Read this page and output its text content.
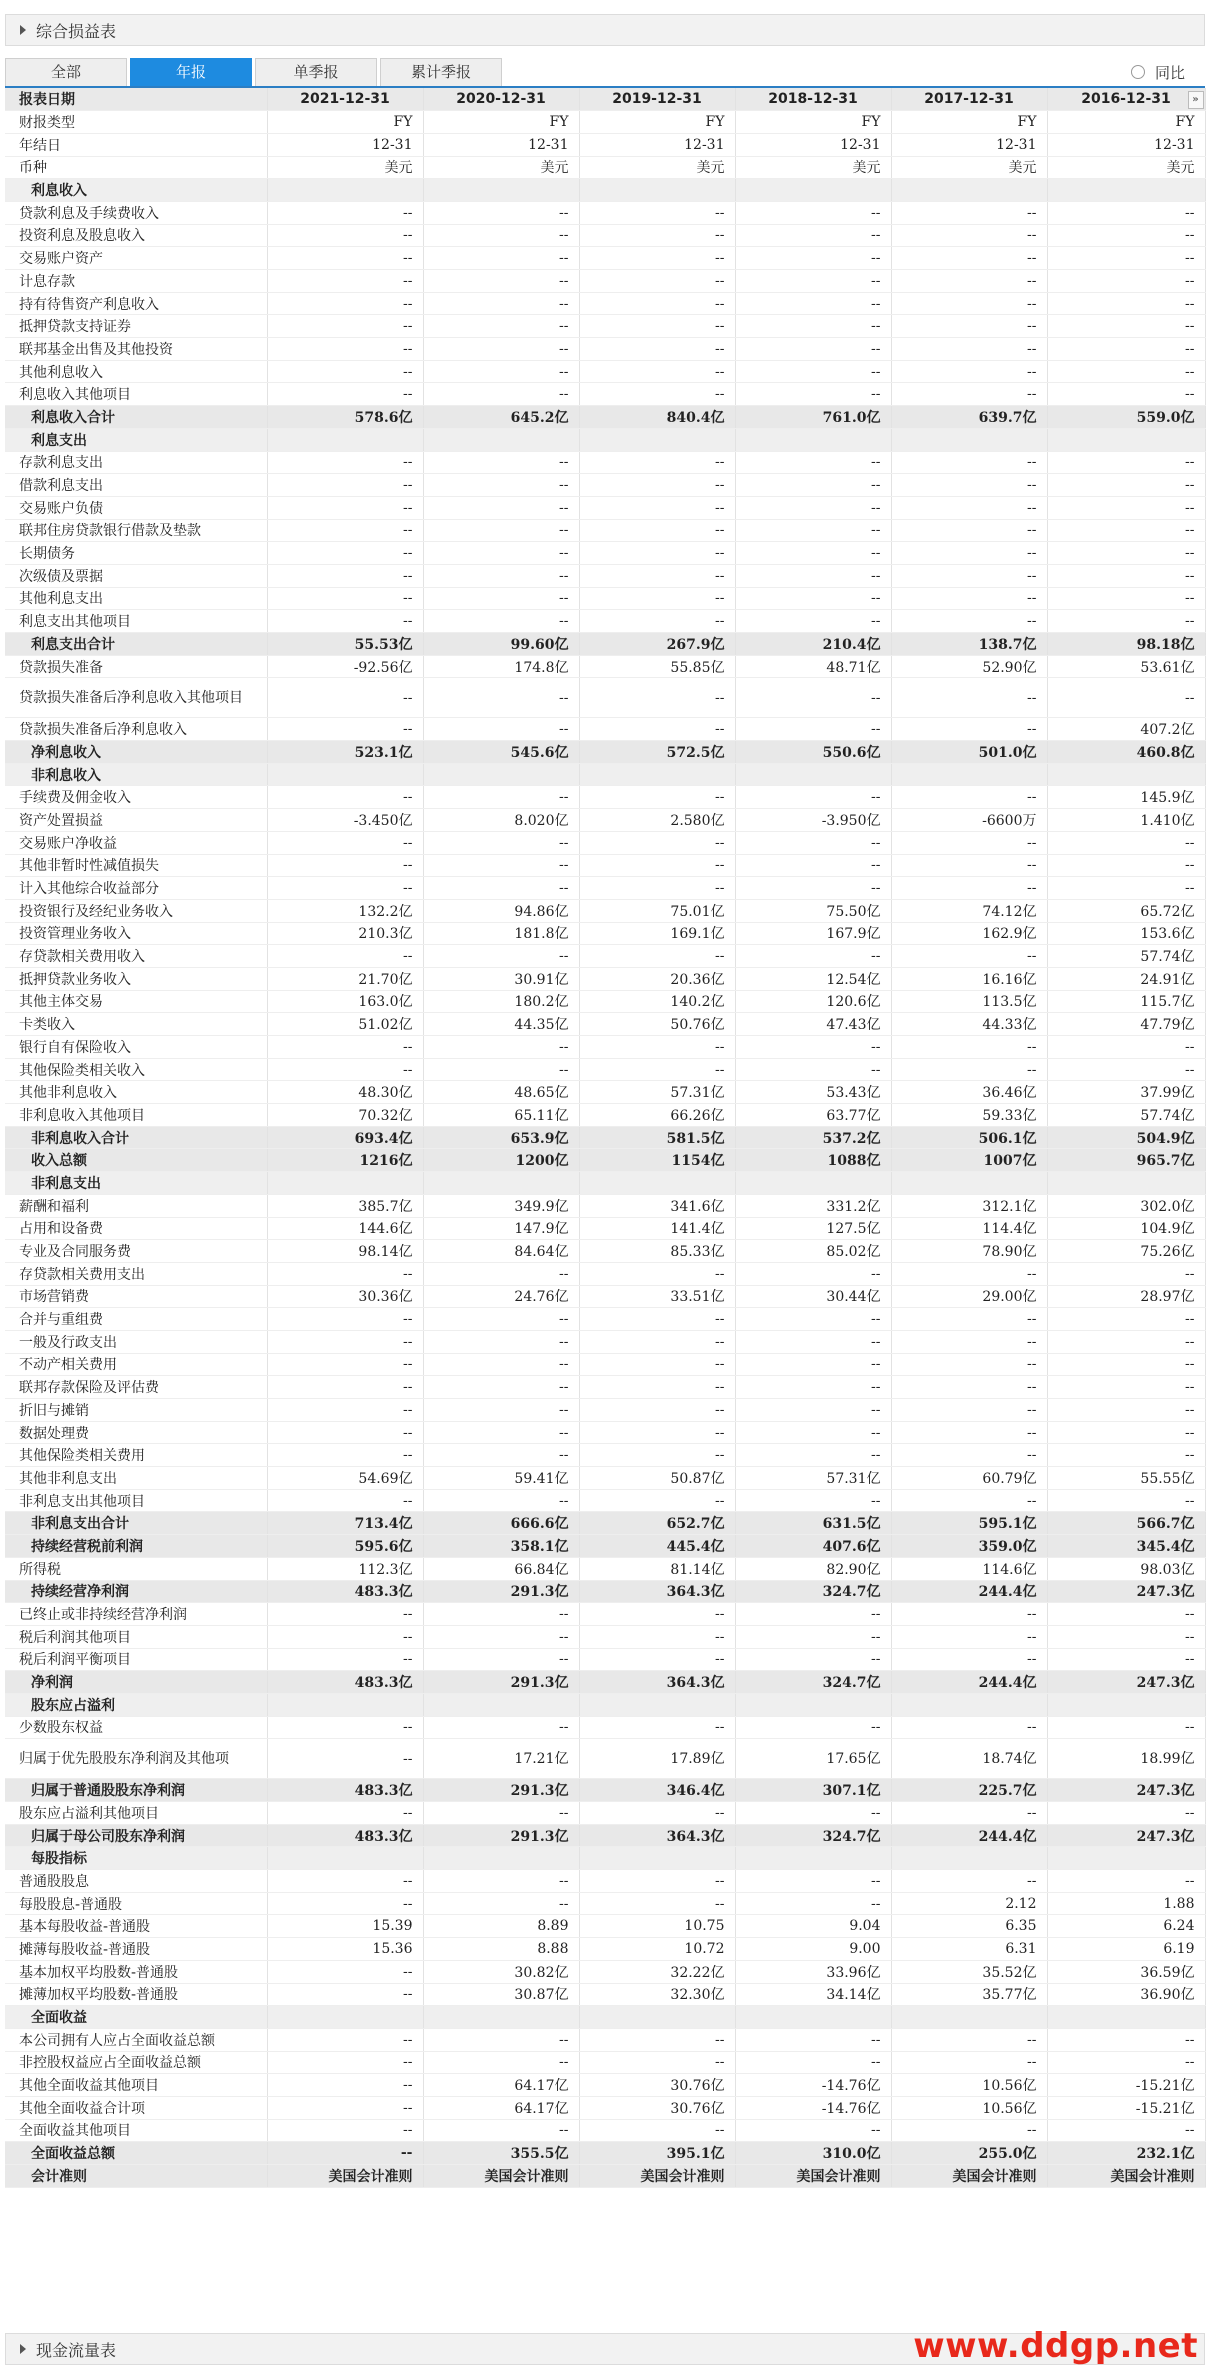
综合损益表
全部	年报	单季报	累计季报	同比
报表日期	2021-12-31	2020-12-31	2019-12-31	2018-12-31	2017-12-31	2016-12-31 »

财报类型	FY	FY	FY	FY	FY	FY
年结日	12-31	12-31	12-31	12-31	12-31	12-31
币种	美元	美元	美元	美元	美元	美元
利息收入						
贷款利息及手续费收入	--	--	--	--	--	--
投资利息及股息收入	--	--	--	--	--	--
交易账户资产	--	--	--	--	--	--
计息存款	--	--	--	--	--	--
持有待售资产利息收入	--	--	--	--	--	--
抵押贷款支持证券	--	--	--	--	--	--
联邦基金出售及其他投资	--	--	--	--	--	--
其他利息收入	--	--	--	--	--	--
利息收入其他项目	--	--	--	--	--	--
利息收入合计	578.6亿	645.2亿	840.4亿	761.0亿	639.7亿	559.0亿
利息支出						
存款利息支出	--	--	--	--	--	--
借款利息支出	--	--	--	--	--	--
交易账户负债	--	--	--	--	--	--
联邦住房贷款银行借款及垫款	--	--	--	--	--	--
长期债务	--	--	--	--	--	--
次级债及票据	--	--	--	--	--	--
其他利息支出	--	--	--	--	--	--
利息支出其他项目	--	--	--	--	--	--
利息支出合计	55.53亿	99.60亿	267.9亿	210.4亿	138.7亿	98.18亿
贷款损失准备	-92.56亿	174.8亿	55.85亿	48.71亿	52.90亿	53.61亿
贷款损失准备后净利息收入其他项目	--	--	--	--	--	--
贷款损失准备后净利息收入	--	--	--	--	--	407.2亿
净利息收入	523.1亿	545.6亿	572.5亿	550.6亿	501.0亿	460.8亿
非利息收入						
手续费及佣金收入	--	--	--	--	--	145.9亿
资产处置损益	-3.450亿	8.020亿	2.580亿	-3.950亿	-6600万	1.410亿
交易账户净收益	--	--	--	--	--	--
其他非暂时性减值损失	--	--	--	--	--	--
计入其他综合收益部分	--	--	--	--	--	--
投资银行及经纪业务收入	132.2亿	94.86亿	75.01亿	75.50亿	74.12亿	65.72亿
投资管理业务收入	210.3亿	181.8亿	169.1亿	167.9亿	162.9亿	153.6亿
存贷款相关费用收入	--	--	--	--	--	57.74亿
抵押贷款业务收入	21.70亿	30.91亿	20.36亿	12.54亿	16.16亿	24.91亿
其他主体交易	163.0亿	180.2亿	140.2亿	120.6亿	113.5亿	115.7亿
卡类收入	51.02亿	44.35亿	50.76亿	47.43亿	44.33亿	47.79亿
银行自有保险收入	--	--	--	--	--	--
其他保险类相关收入	--	--	--	--	--	--
其他非利息收入	48.30亿	48.65亿	57.31亿	53.43亿	36.46亿	37.99亿
非利息收入其他项目	70.32亿	65.11亿	66.26亿	63.77亿	59.33亿	57.74亿
非利息收入合计	693.4亿	653.9亿	581.5亿	537.2亿	506.1亿	504.9亿
收入总额	1216亿	1200亿	1154亿	1088亿	1007亿	965.7亿
非利息支出						
薪酬和福利	385.7亿	349.9亿	341.6亿	331.2亿	312.1亿	302.0亿
占用和设备费	144.6亿	147.9亿	141.4亿	127.5亿	114.4亿	104.9亿
专业及合同服务费	98.14亿	84.64亿	85.33亿	85.02亿	78.90亿	75.26亿
存贷款相关费用支出	--	--	--	--	--	--
市场营销费	30.36亿	24.76亿	33.51亿	30.44亿	29.00亿	28.97亿
合并与重组费	--	--	--	--	--	--
一般及行政支出	--	--	--	--	--	--
不动产相关费用	--	--	--	--	--	--
联邦存款保险及评估费	--	--	--	--	--	--
折旧与摊销	--	--	--	--	--	--
数据处理费	--	--	--	--	--	--
其他保险类相关费用	--	--	--	--	--	--
其他非利息支出	54.69亿	59.41亿	50.87亿	57.31亿	60.79亿	55.55亿
非利息支出其他项目	--	--	--	--	--	--
非利息支出合计	713.4亿	666.6亿	652.7亿	631.5亿	595.1亿	566.7亿
持续经营税前利润	595.6亿	358.1亿	445.4亿	407.6亿	359.0亿	345.4亿
所得税	112.3亿	66.84亿	81.14亿	82.90亿	114.6亿	98.03亿
持续经营净利润	483.3亿	291.3亿	364.3亿	324.7亿	244.4亿	247.3亿
已终止或非持续经营净利润	--	--	--	--	--	--
税后利润其他项目	--	--	--	--	--	--
税后利润平衡项目	--	--	--	--	--	--
净利润	483.3亿	291.3亿	364.3亿	324.7亿	244.4亿	247.3亿
股东应占溢利						
少数股东权益	--	--	--	--	--	--
归属于优先股股东净利润及其他项	--	17.21亿	17.89亿	17.65亿	18.74亿	18.99亿
归属于普通股股东净利润	483.3亿	291.3亿	346.4亿	307.1亿	225.7亿	247.3亿
股东应占溢利其他项目	--	--	--	--	--	--
归属于母公司股东净利润	483.3亿	291.3亿	364.3亿	324.7亿	244.4亿	247.3亿
每股指标						
普通股股息	--	--	--	--	--	--
每股股息-普通股	--	--	--	--	2.12	1.88
基本每股收益-普通股	15.39	8.89	10.75	9.04	6.35	6.24
摊薄每股收益-普通股	15.36	8.88	10.72	9.00	6.31	6.19
基本加权平均股数-普通股	--	30.82亿	32.22亿	33.96亿	35.52亿	36.59亿
摊薄加权平均股数-普通股	--	30.87亿	32.30亿	34.14亿	35.77亿	36.90亿
全面收益						
本公司拥有人应占全面收益总额	--	--	--	--	--	--
非控股权益应占全面收益总额	--	--	--	--	--	--
其他全面收益其他项目	--	64.17亿	30.76亿	-14.76亿	10.56亿	-15.21亿
其他全面收益合计项	--	64.17亿	30.76亿	-14.76亿	10.56亿	-15.21亿
全面收益其他项目	--	--	--	--	--	--
全面收益总额	--	355.5亿	395.1亿	310.0亿	255.0亿	232.1亿
会计准则	美国会计准则	美国会计准则	美国会计准则	美国会计准则	美国会计准则	美国会计准则
现金流量表	www.ddgp.net
